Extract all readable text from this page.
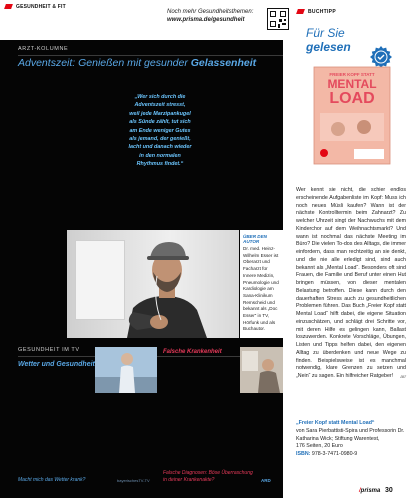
GESUNDHEIT & FIT
Noch mehr Gesundheitsthemen:
www.prisma.de/gesundheit
ARZT-KOLUMNE
Adventszeit: Genießen mit gesunder Gelassenheit
„Wer sich durch die
Adventszeit stresst,
weil jede Marzipankugel
als Sünde zählt, tut sich
am Ende weniger Gutes
als jemand, der genießt,
lacht und danach wieder
in den normalen
Rhythmus findet.“
ÜBER DEN AUTOR
Dr. med. Heinz-Wilhelm Esser ist Oberarzt und Facharzt für Innere Medizin, Pneumologie und Kardiologie am Sana-Klinikum Remscheid und bekannt als „Doc Esser“ in TV, Hörfunk und als Buchautor.
GESUNDHEIT IM TV
Wetter und Gesundheit
Falsche Krankenheit
Macht mich das Wetter krank?	bayerischesTV-TV
Falsche Diagnosen: Böse Überraschung
in deiner Krankenakte?	ARD
BUCHTIPP
Für Sie
gelesen
FREIER KOPF STATT
MENTAL
LOAD
Wer kennt sie nicht, die schier endlos erscheinende Aufgabenliste im Kopf: Muss ich noch neues Müsli kaufen? Wann ist der nächste Kontrolltermin beim Zahnarzt? Zu welcher Uhrzeit singt der Nachwuchs mit dem Kinderchor auf dem Weihnachtsmarkt? Und wann ist nochmal das nächste Meeting im Büro? Die vielen To-dos des Alltags, die immer einfordern, dass man rechtzeitig an sie denkt, und die nie alle erledigt sind, sind auch bekannt als „Mental Load“. Besonders oft sind Frauen, die Familie und Beruf unter einen Hut bringen müssen, von dieser mentalen Belastung betroffen. Diese kann durch den dauerhaften Stress auch zu gesundheitlichen Problemen führen. Das Buch „Freier Kopf statt Mental Load“ hilft dabei, die eigene Situation einzuschätzen, und schlägt drei Schritte vor, mit deren Hilfe es gelingen kann, Ballast loszuwerden. Konkrete Vorschläge, Übungen, Listen und Tipps helfen dabei, den eigenen Alltag zu überdenken und neue Wege zu finden. Beispielsweise ist es manchmal notwendig, klare Grenzen zu setzen und „Nein“ zu sagen. Ein hilfreicher Ratgeber! arr
„Freier Kopf statt Mental Load“
von Sara Pierbattisti-Spira und Professorin Dr. Katharina Wick; Stiftung Warentest,
176 Seiten, 20 Euro
ISBN: 978-3-7471-0980-9
/prisma 30
